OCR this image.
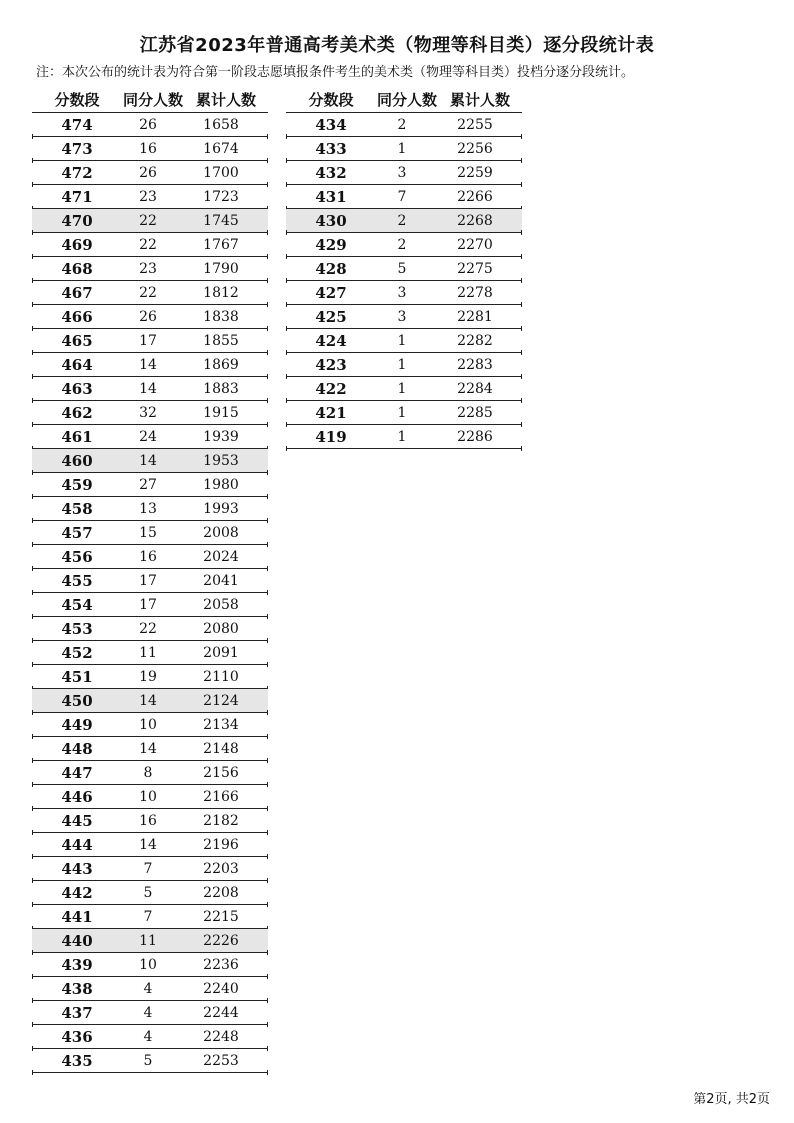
江苏省2023年普通高考美术类（物理等科目类）逐分段统计表
注：本次公布的统计表为符合第一阶段志愿填报条件考生的美术类（物理等科目类）投档分逐分段统计。
分数段	同分人数 累计人数
474	26	1658
473	16	1674
472	26	1700
471	23	1723
470	22	1745
469	22	1767
468	23	1790
467	22	1812
466	26	1838
465	17	1855
464	14	1869
463	14	1883
462	32	1915
461	24	1939
460	14	1953
459	27	1980
458	13	1993
457	15	2008
456	16	2024
455	17	2041
454	17	2058
453	22	2080
452	11	2091
451	19	2110
450	14	2124
449	10	2134
448	14	2148
447	8	2156
446	10	2166
445	16	2182
444	14	2196
443	7	2203
442	5	2208
441	7	2215
440	11	2226
439	10	2236
438	4	2240
437	4	2244
436	4	2248
435	5	2253
分数段	同分人数 累计人数
434	2	2255
433	1	2256
432	3	2259
431	7	2266
430	2	2268
429	2	2270
428	5	2275
427	3	2278
425	3	2281
424	1	2282
423	1	2283
422	1	2284
421	1	2285
419	1	2286
第2页, 共2页
